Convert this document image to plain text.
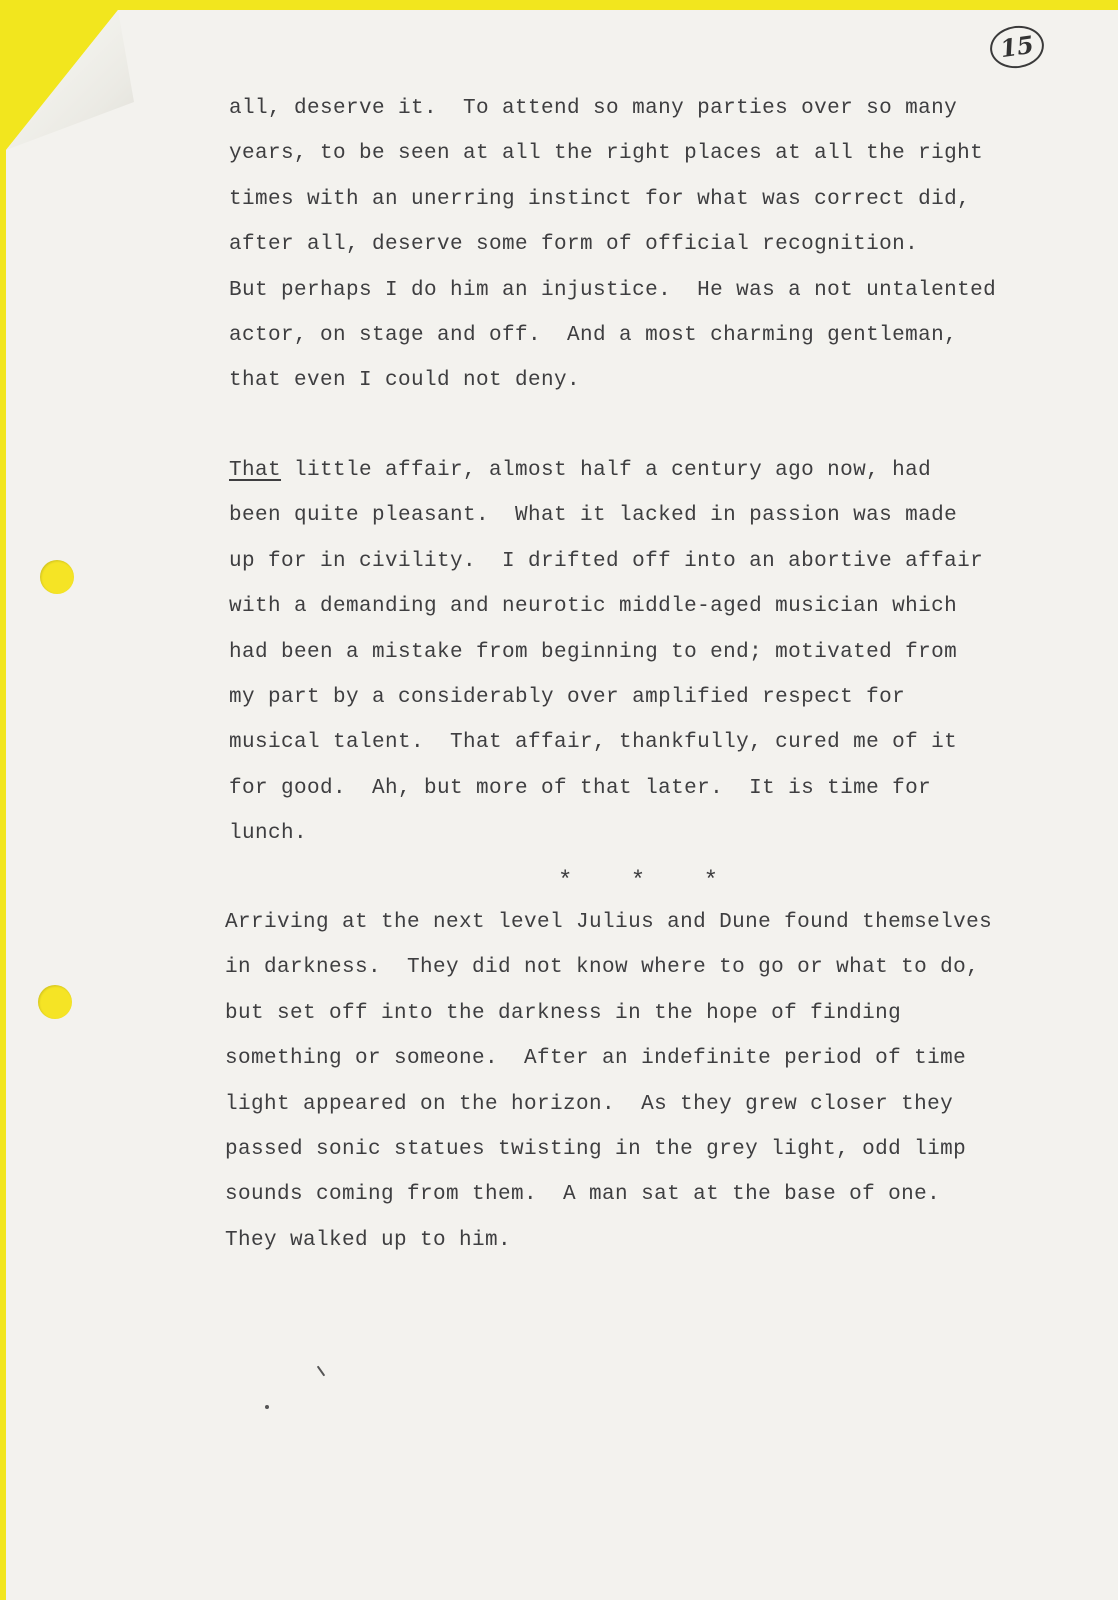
15
all, deserve it.  To attend so many parties over so many
years, to be seen at all the right places at all the right
times with an unerring instinct for what was correct did,
after all, deserve some form of official recognition.
But perhaps I do him an injustice.  He was a not untalented
actor, on stage and off.  And a most charming gentleman,
that even I could not deny.
That little affair, almost half a century ago now, had
been quite pleasant.  What it lacked in passion was made
up for in civility.  I drifted off into an abortive affair
with a demanding and neurotic middle-aged musician which
had been a mistake from beginning to end; motivated from
my part by a considerably over amplified respect for
musical talent.  That affair, thankfully, cured me of it
for good.  Ah, but more of that later.  It is time for
lunch.
* * *
Arriving at the next level Julius and Dune found themselves
in darkness.  They did not know where to go or what to do,
but set off into the darkness in the hope of finding
something or someone.  After an indefinite period of time
light appeared on the horizon.  As they grew closer they
passed sonic statues twisting in the grey light, odd limp
sounds coming from them.  A man sat at the base of one.
They walked up to him.
